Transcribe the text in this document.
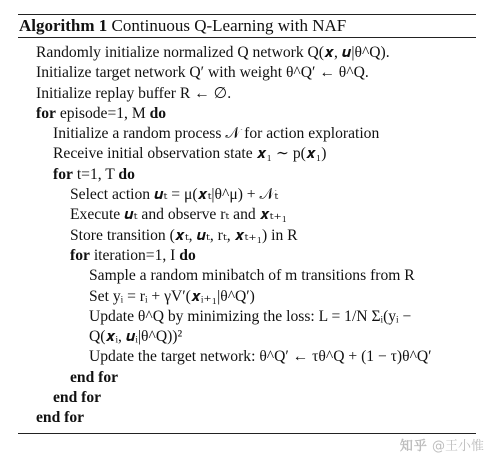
Algorithm 1 Continuous Q-Learning with NAF
Randomly initialize normalized Q network Q(𝒙, 𝒖|θ^Q).
Initialize target network Q′ with weight θ^Q′ ← θ^Q.
Initialize replay buffer R ← ∅.
for episode=1, M do
Initialize a random process 𝒩 for action exploration
Receive initial observation state 𝒙₁ ∼ p(𝒙₁)
for t=1, T do
Select action 𝒖ₜ = μ(𝒙ₜ|θ^μ) + 𝒩ₜ
Execute 𝒖ₜ and observe rₜ and 𝒙ₜ₊₁
Store transition (𝒙ₜ, 𝒖ₜ, rₜ, 𝒙ₜ₊₁) in R
for iteration=1, I do
Sample a random minibatch of m transitions from R
Set yᵢ = rᵢ + γV′(𝒙ᵢ₊₁|θ^Q′)
Update θ^Q by minimizing the loss: L = 1/N Σᵢ(yᵢ −
Q(𝒙ᵢ, 𝒖ᵢ|θ^Q))²
Update the target network: θ^Q′ ← τθ^Q + (1 − τ)θ^Q′
end for
end for
end for
知乎 @王小惟
